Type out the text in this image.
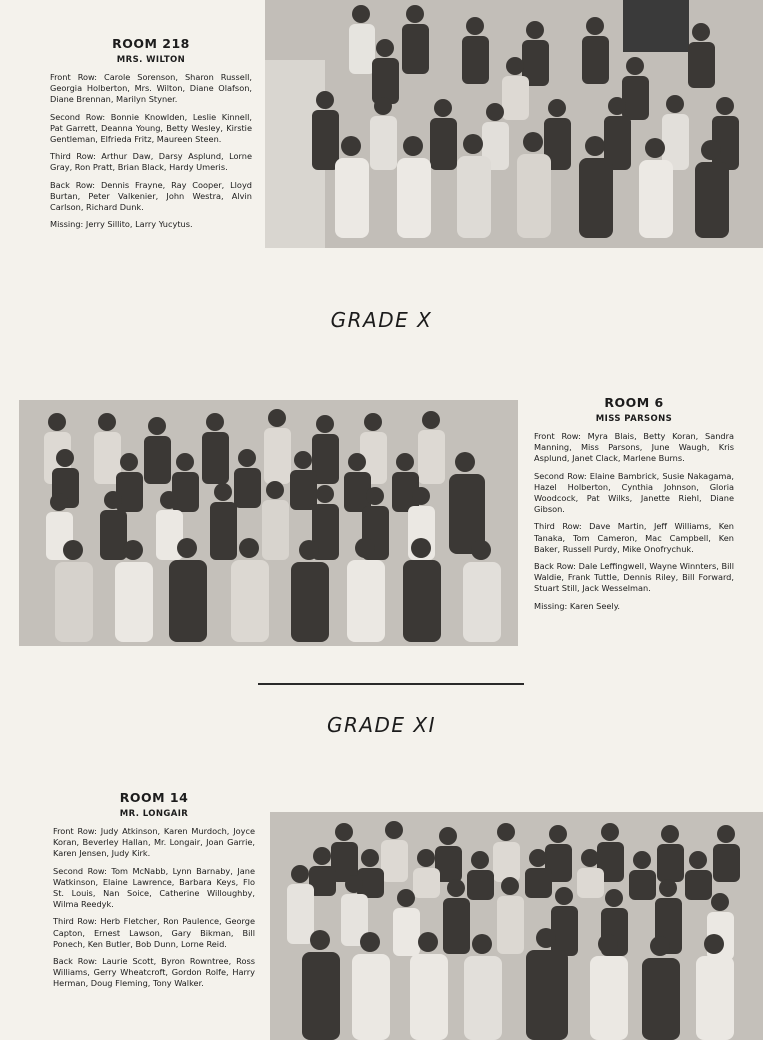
ROOM 218
MRS. WILTON

Front Row: Carole Sorenson, Sharon Russell, Georgia Holberton, Mrs. Wilton, Diane Olafson, Diane Brennan, Marilyn Styner.

Second Row: Bonnie Knowlden, Leslie Kinnell, Pat Garrett, Deanna Young, Betty Wesley, Kirstie Gentleman, Elfrieda Fritz, Maureen Steen.

Third Row: Arthur Daw, Darsy Asplund, Lorne Gray, Ron Pratt, Brian Black, Hardy Umeris.

Back Row: Dennis Frayne, Ray Cooper, Lloyd Burtan, Peter Valkenier, John Westra, Alvin Carlson, Richard Dunk.

Missing: Jerry Sillito, Larry Yucytus.

GRADE X
ROOM 6
MISS PARSONS

Front Row: Myra Blais, Betty Koran, Sandra Manning, Miss Parsons, June Waugh, Kris Asplund, Janet Clack, Marlene Burns.

Second Row: Elaine Bambrick, Susie Nakagama, Hazel Holberton, Cynthia Johnson, Gloria Woodcock, Pat Wilks, Janette Riehl, Diane Gibson.

Third Row: Dave Martin, Jeff Williams, Ken Tanaka, Tom Cameron, Mac Campbell, Ken Baker, Russell Purdy, Mike Onofrychuk.

Back Row: Dale Leffingwell, Wayne Winnters, Bill Waldie, Frank Tuttle, Dennis Riley, Bill Forward, Stuart Still, Jack Wesselman.

Missing: Karen Seely.

GRADE XI
ROOM 14
MR. LONGAIR

Front Row: Judy Atkinson, Karen Murdoch, Joyce Koran, Beverley Hallan, Mr. Longair, Joan Garrie, Karen Jensen, Judy Kirk.

Second Row: Tom McNabb, Lynn Barnaby, Jane Watkinson, Elaine Lawrence, Barbara Keys, Flo St. Louis, Nan Soice, Catherine Willoughby, Wilma Reedyk.

Third Row: Herb Fletcher, Ron Paulence, George Capton, Ernest Lawson, Gary Bikman, Bill Ponech, Ken Butler, Bob Dunn, Lorne Reid.

Back Row: Laurie Scott, Byron Rowntree, Ross Williams, Gerry Wheatcroft, Gordon Rolfe, Harry Herman, Doug Fleming, Tony Walker.
